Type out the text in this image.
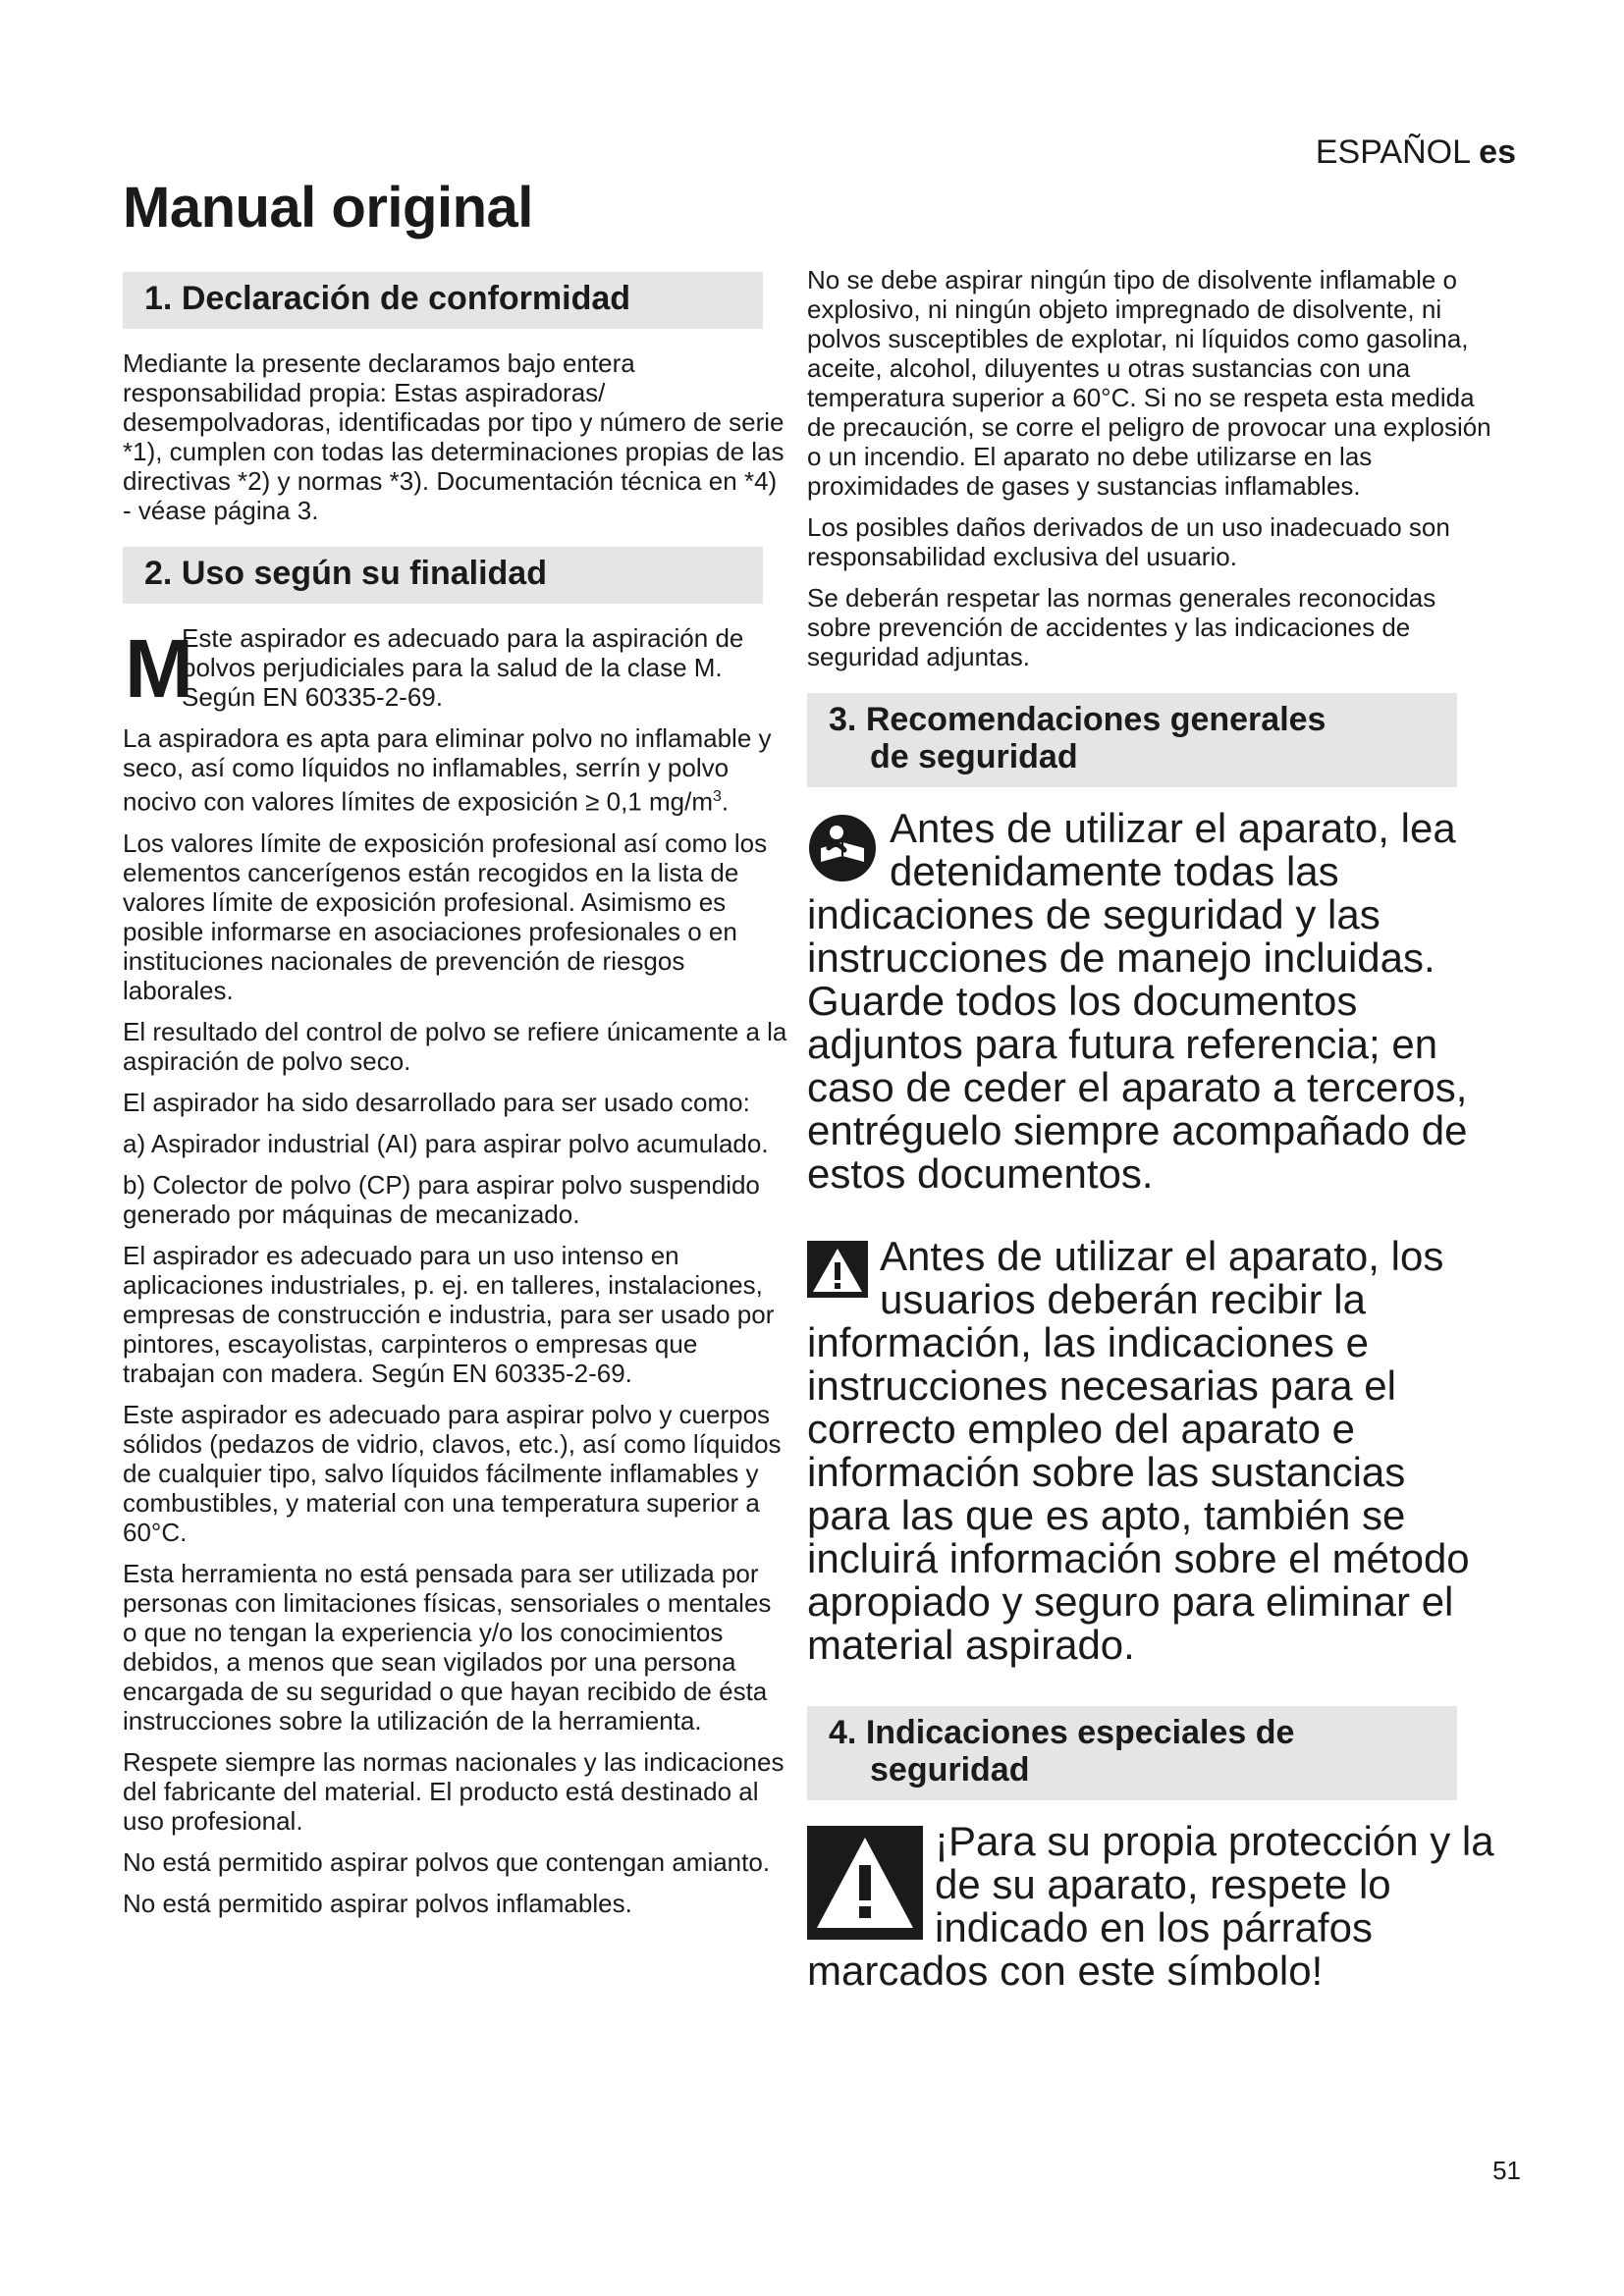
ESPAÑOL es
Manual original
1. Declaración de conformidad

Mediante la presente declaramos bajo entera responsabilidad propia: Estas aspiradoras/ desempolvadoras, identificadas por tipo y número de serie *1), cumplen con todas las determinaciones propias de las directivas *2) y normas *3). Documentación técnica en *4) - véase página 3.

2. Uso según su finalidad
M

Este aspirador es adecuado para la aspiración de polvos perjudiciales para la salud de la clase M. Según EN 60335-2-69.

La aspiradora es apta para eliminar polvo no inflamable y seco, así como líquidos no inflamables, serrín y polvo nocivo con valores límites de exposición ≥ 0,1 $mg/m^3$.

Los valores límite de exposición profesional así como los elementos cancerígenos están recogidos en la lista de valores límite de exposición profesional. Asimismo es posible informarse en asociaciones profesionales o en instituciones nacionales de prevención de riesgos laborales.

El resultado del control de polvo se refiere únicamente a la aspiración de polvo seco.

El aspirador ha sido desarrollado para ser usado como:

a) Aspirador industrial (AI) para aspirar polvo acumulado.

b) Colector de polvo (CP) para aspirar polvo suspendido generado por máquinas de mecanizado.

El aspirador es adecuado para un uso intenso en aplicaciones industriales, p. ej. en talleres, instalaciones, empresas de construcción e industria, para ser usado por pintores, escayolistas, carpinteros o empresas que trabajan con madera. Según EN 60335-2-69.

Este aspirador es adecuado para aspirar polvo y cuerpos sólidos (pedazos de vidrio, clavos, etc.), así como líquidos de cualquier tipo, salvo líquidos fácilmente inflamables y combustibles, y material con una temperatura superior a 60°C.

Esta herramienta no está pensada para ser utilizada por personas con limitaciones físicas, sensoriales o mentales o que no tengan la experiencia y/o los conocimientos debidos, a menos que sean vigilados por una persona encargada de su seguridad o que hayan recibido de ésta instrucciones sobre la utilización de la herramienta.

Respete siempre las normas nacionales y las indicaciones del fabricante del material. El producto está destinado al uso profesional.

No está permitido aspirar polvos que contengan amianto.

No está permitido aspirar polvos inflamables.

No se debe aspirar ningún tipo de disolvente inflamable o explosivo, ni ningún objeto impregnado de disolvente, ni polvos susceptibles de explotar, ni líquidos como gasolina, aceite, alcohol, diluyentes u otras sustancias con una temperatura superior a 60°C. Si no se respeta esta medida de precaución, se corre el peligro de provocar una explosión o un incendio. El aparato no debe utilizarse en las proximidades de gases y sustancias inflamables.

Los posibles daños derivados de un uso inadecuado son responsabilidad exclusiva del usuario.

Se deberán respetar las normas generales reconocidas sobre prevención de accidentes y las indicaciones de seguridad adjuntas.

3. Recomendaciones generales
de seguridad

Antes de utilizar el aparato, lea detenidamente todas las indicaciones de seguridad y las instrucciones de manejo incluidas. Guarde todos los documentos adjuntos para futura referencia; en caso de ceder el aparato a terceros, entréguelo siempre acompañado de estos documentos.

Antes de utilizar el aparato, los usuarios deberán recibir la información, las indicaciones e instrucciones necesarias para el correcto empleo del aparato e información sobre las sustancias para las que es apto, también se incluirá información sobre el método apropiado y seguro para eliminar el material aspirado.

4. Indicaciones especiales de
seguridad

¡Para su propia protección y la de su aparato, respete lo indicado en los párrafos marcados con este símbolo!

51
